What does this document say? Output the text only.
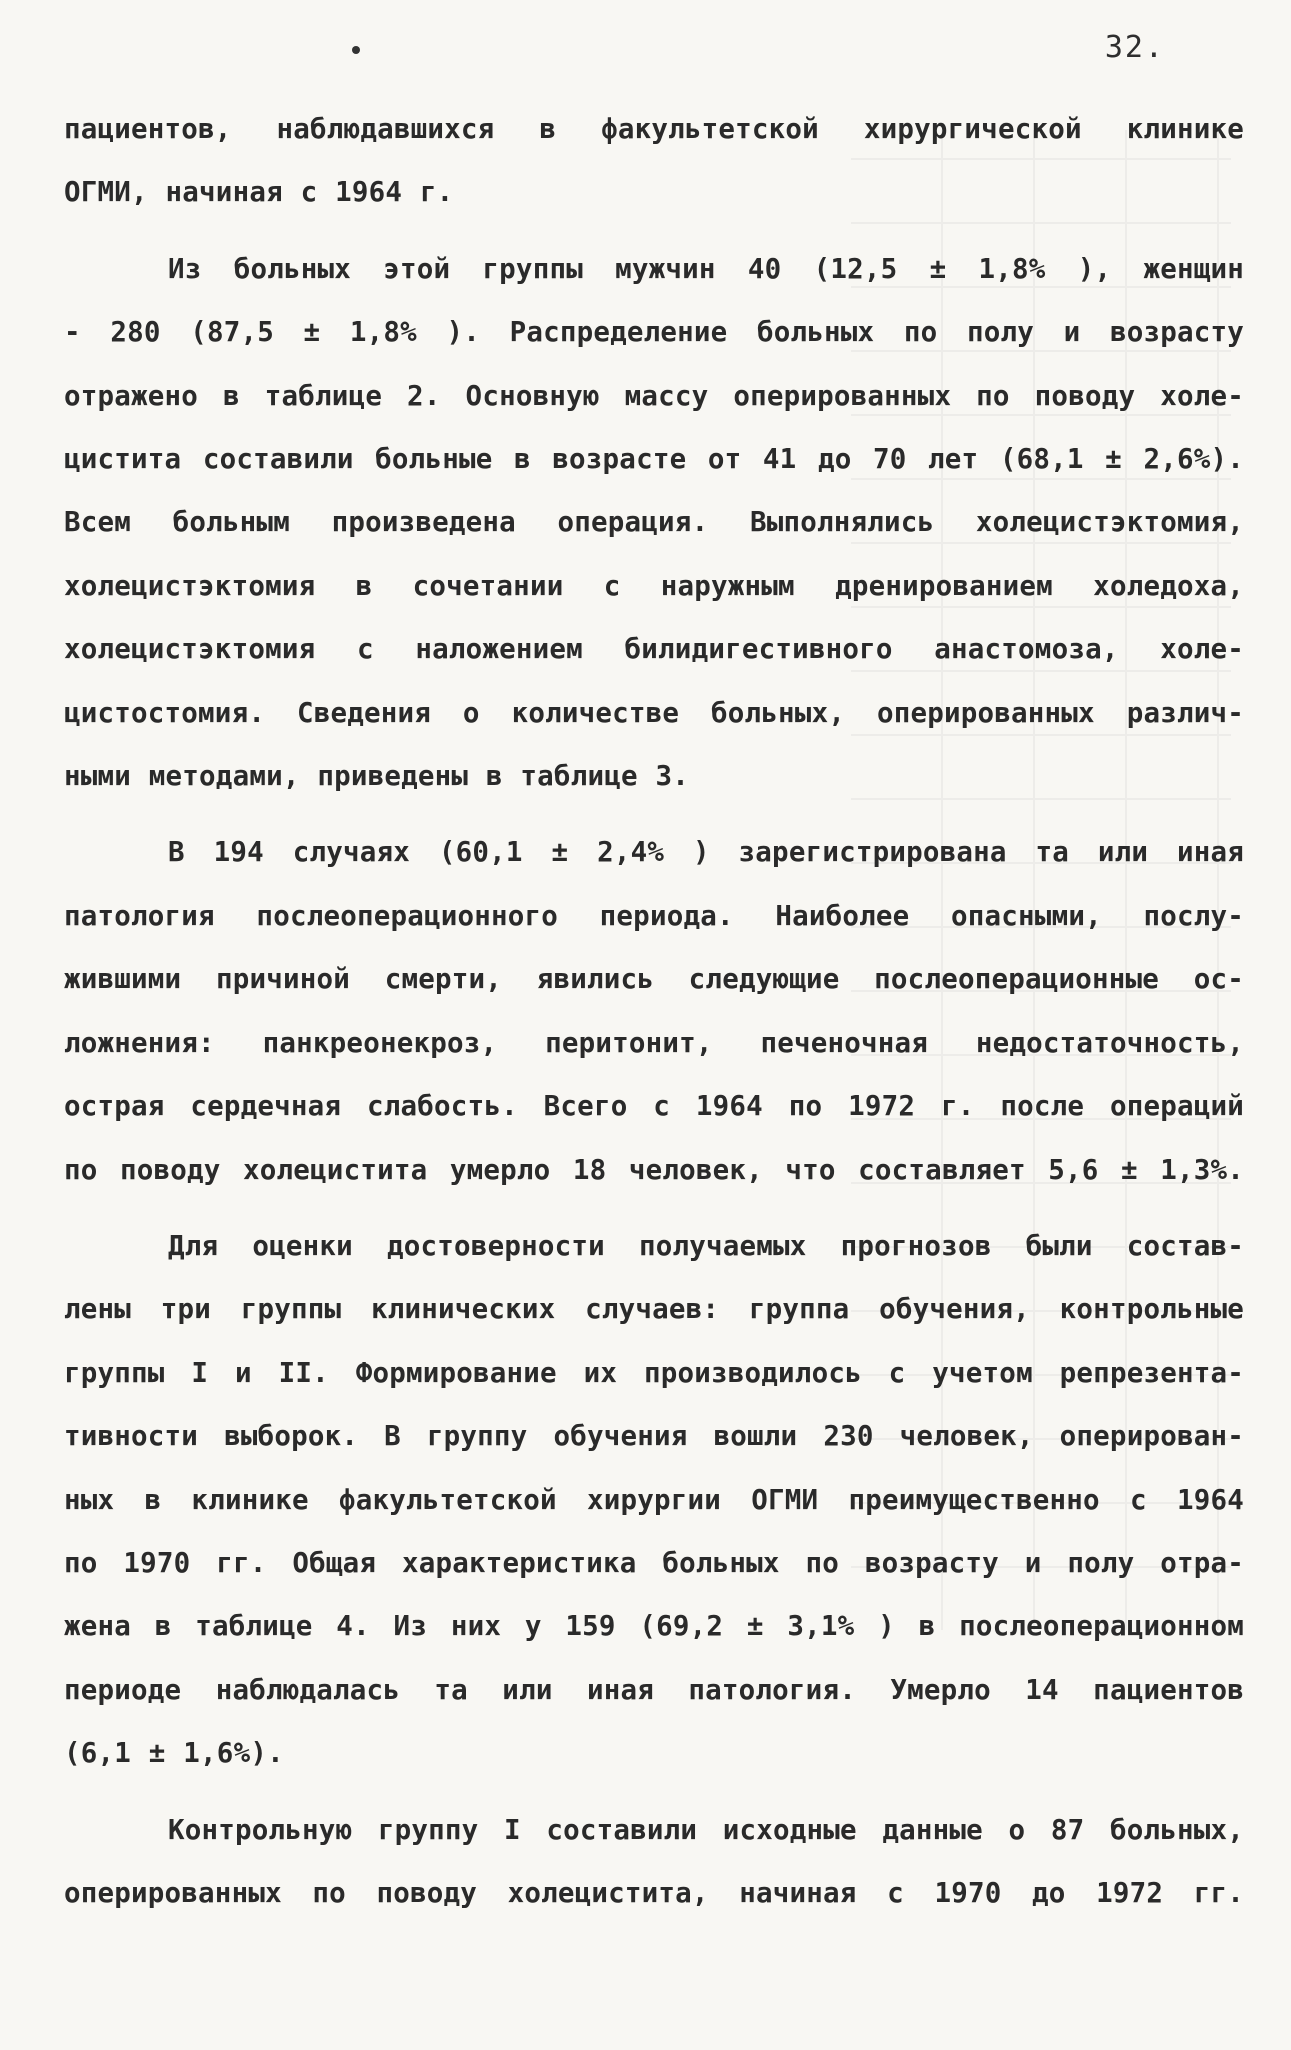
32.
пациентов, наблюдавшихся в факультетской хирургической клинике
ОГМИ, начиная с 1964 г.
Из больных этой группы мужчин 40 (12,5 ± 1,8% ), женщин
- 280 (87,5 ± 1,8% ). Распределение больных по полу и возрасту
отражено в таблице 2. Основную массу оперированных по поводу холе-
цистита составили больные в возрасте от 41 до 70 лет (68,1 ± 2,6%).
Всем больным произведена операция. Выполнялись холецистэктомия,
холецистэктомия в сочетании с наружным дренированием холедоха,
холецистэктомия с наложением билидигестивного анастомоза, холе-
цистостомия. Сведения о количестве больных, оперированных различ-
ными методами, приведены в таблице 3.
В 194 случаях (60,1 ± 2,4% ) зарегистрирована та или иная
патология послеоперационного периода. Наиболее опасными, послу-
жившими причиной смерти, явились следующие послеоперационные ос-
ложнения: панкреонекроз, перитонит, печеночная недостаточность,
острая сердечная слабость. Всего с 1964 по 1972 г. после операций
по поводу холецистита умерло 18 человек, что составляет 5,6 ± 1,3%.
Для оценки достоверности получаемых прогнозов были состав-
лены три группы клинических случаев: группа обучения, контрольные
группы I и II. Формирование их производилось с учетом репрезента-
тивности выборок. В группу обучения вошли 230 человек, оперирован-
ных в клинике факультетской хирургии ОГМИ преимущественно с 1964
по 1970 гг. Общая характеристика больных по возрасту и полу отра-
жена в таблице 4. Из них у 159 (69,2 ± 3,1% ) в послеоперационном
периоде наблюдалась та или иная патология. Умерло 14 пациентов
(6,1 ± 1,6%).
Контрольную группу I составили исходные данные о 87 больных,
оперированных по поводу холецистита, начиная с 1970 до 1972 гг.
